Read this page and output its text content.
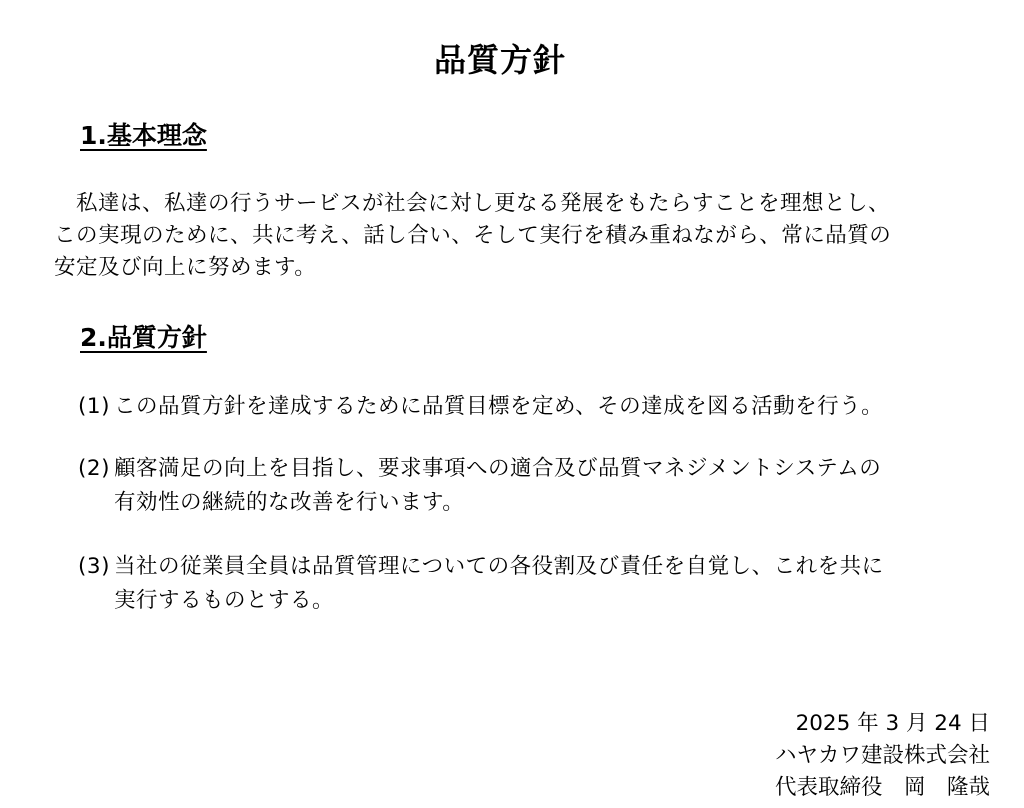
品質方針
1.基本理念

　私達は、私達の行うサービスが社会に対し更なる発展をもたらすことを理想とし、
この実現のために、共に考え、話し合い、そして実行を積み重ねながら、常に品質の
安定及び向上に努めます。

2.品質方針
(1) この品質方針を達成するために品質目標を定め、その達成を図る活動を行う。
(2) 顧客満足の向上を目指し、要求事項への適合及び品質マネジメントシステムの
有効性の継続的な改善を行います。
(3) 当社の従業員全員は品質管理についての各役割及び責任を自覚し、これを共に
実行するものとする。
2025 年 3 月 24 日
ハヤカワ建設株式会社
代表取締役　岡　隆哉
